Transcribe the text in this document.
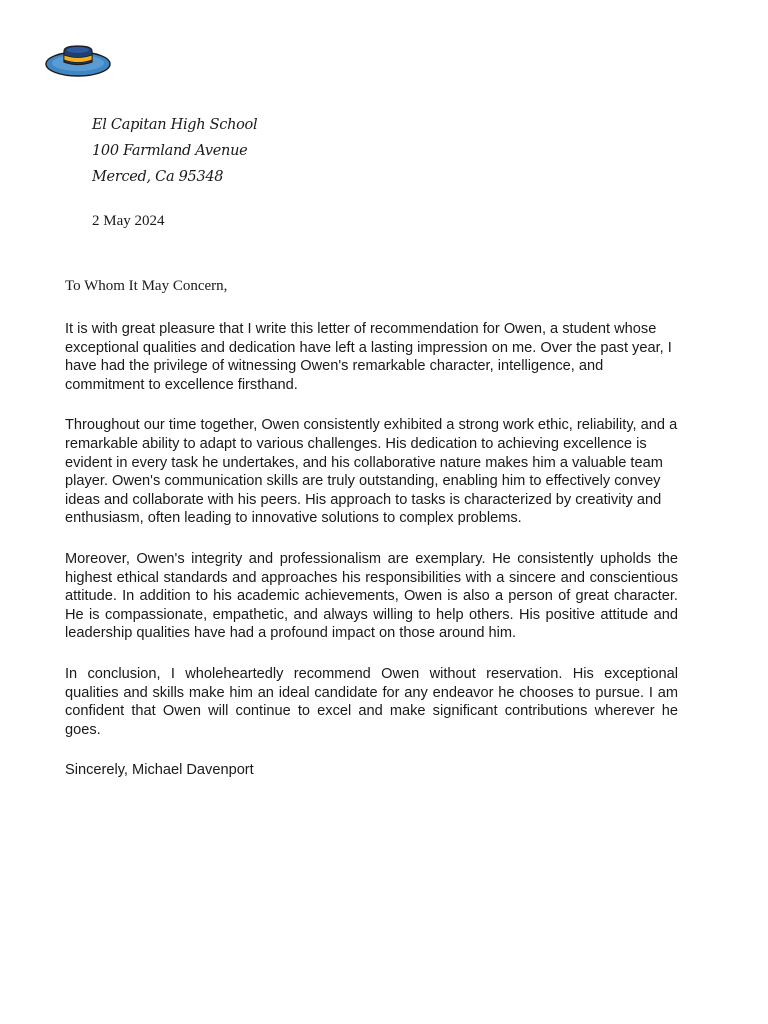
El Capitan High School
100 Farmland Avenue
Merced, Ca 95348
2 May 2024
To Whom It May Concern,

It is with great pleasure that I write this letter of recommendation for Owen, a student whose exceptional qualities and dedication have left a lasting impression on me. Over the past year, I have had the privilege of witnessing Owen's remarkable character, intelligence, and commitment to excellence firsthand.

Throughout our time together, Owen consistently exhibited a strong work ethic, reliability, and a remarkable ability to adapt to various challenges. His dedication to achieving excellence is evident in every task he undertakes, and his collaborative nature makes him a valuable team player. Owen's communication skills are truly outstanding, enabling him to effectively convey ideas and collaborate with his peers. His approach to tasks is characterized by creativity and enthusiasm, often leading to innovative solutions to complex problems.

Moreover, Owen's integrity and professionalism are exemplary. He consistently upholds the highest ethical standards and approaches his responsibilities with a sincere and conscientious attitude. In addition to his academic achievements, Owen is also a person of great character. He is compassionate, empathetic, and always willing to help others. His positive attitude and leadership qualities have had a profound impact on those around him.

In conclusion, I wholeheartedly recommend Owen without reservation. His exceptional qualities and skills make him an ideal candidate for any endeavor he chooses to pursue. I am confident that Owen will continue to excel and make significant contributions wherever he goes.

Sincerely, Michael Davenport
